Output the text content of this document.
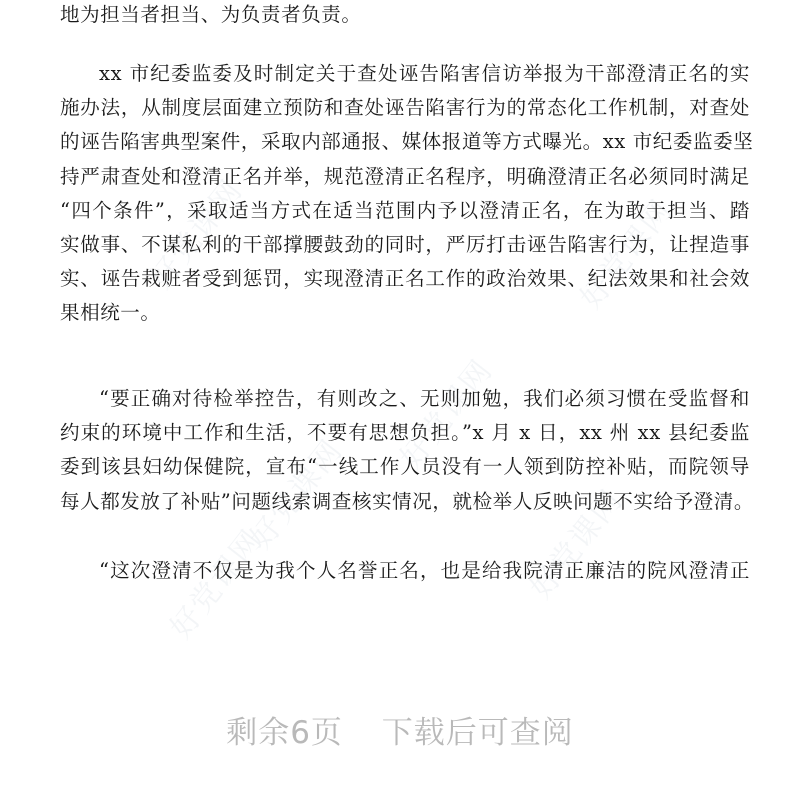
好党课网	好党课网
好党课网
好党课网
好党课网
好党课网

地为担当者担当、为负责者负责。

xx 市纪委监委及时制定关于查处诬告陷害信访举报为干部澄清正名的实
施办法，从制度层面建立预防和查处诬告陷害行为的常态化工作机制，对查处
的诬告陷害典型案件，采取内部通报、媒体报道等方式曝光。xx 市纪委监委坚
持严肃查处和澄清正名并举，规范澄清正名程序，明确澄清正名必须同时满足
“四个条件”，采取适当方式在适当范围内予以澄清正名，在为敢于担当、踏
实做事、不谋私利的干部撑腰鼓劲的同时，严厉打击诬告陷害行为，让捏造事
实、诬告栽赃者受到惩罚，实现澄清正名工作的政治效果、纪法效果和社会效
果相统一。

“要正确对待检举控告，有则改之、无则加勉，我们必须习惯在受监督和
约束的环境中工作和生活，不要有思想负担。”x 月 x 日，xx 州 xx 县纪委监
委到该县妇幼保健院，宣布“一线工作人员没有一人领到防控补贴，而院领导
每人都发放了补贴”问题线索调查核实情况，就检举人反映问题不实给予澄清。

“这次澄清不仅是为我个人名誉正名，也是给我院清正廉洁的院风澄清正

剩余6页 下载后可查阅
